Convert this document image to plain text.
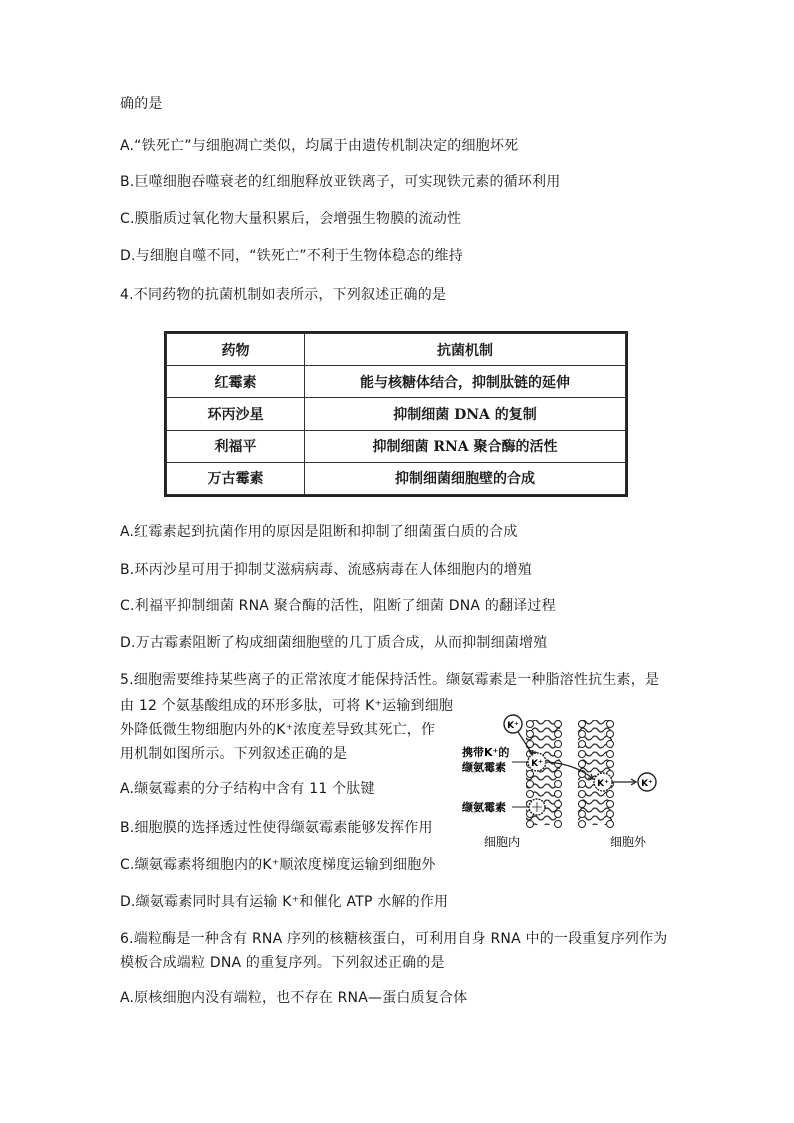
确的是
A.“铁死亡”与细胞凋亡类似，均属于由遗传机制决定的细胞坏死
B.巨噬细胞吞噬衰老的红细胞释放亚铁离子，可实现铁元素的循环利用
C.膜脂质过氧化物大量积累后，会增强生物膜的流动性
D.与细胞自噬不同，“铁死亡”不利于生物体稳态的维持
4.不同药物的抗菌机制如表所示，下列叙述正确的是
药物	抗菌机制
红霉素	能与核糖体结合，抑制肽链的延伸
环丙沙星	抑制细菌 DNA 的复制
利福平	抑制细菌 RNA 聚合酶的活性
万古霉素	抑制细菌细胞壁的合成
A.红霉素起到抗菌作用的原因是阻断和抑制了细菌蛋白质的合成
B.环丙沙星可用于抑制艾滋病病毒、流感病毒在人体细胞内的增殖
C.利福平抑制细菌 RNA 聚合酶的活性，阻断了细菌 DNA 的翻译过程
D.万古霉素阻断了构成细菌细胞壁的几丁质合成，从而抑制细菌增殖
5.细胞需要维持某些离子的正常浓度才能保持活性。缬氨霉素是一种脂溶性抗生素，是
由 12 个氨基酸组成的环形多肽，可将 K⁺运输到细胞
外降低微生物细胞内外的K⁺浓度差导致其死亡，作
用机制如图所示。下列叙述正确的是
A.缬氨霉素的分子结构中含有 11 个肽键
B.细胞膜的选择透过性使得缬氨霉素能够发挥作用
C.缬氨霉素将细胞内的K⁺顺浓度梯度运输到细胞外
D.缬氨霉素同时具有运输 K⁺和催化 ATP 水解的作用
K⁺
K⁺
K⁺	K⁺
携带K⁺的
缬氨霉素
缬氨霉素
细胞内	细胞外
6.端粒酶是一种含有 RNA 序列的核糖核蛋白，可利用自身 RNA 中的一段重复序列作为
模板合成端粒 DNA 的重复序列。下列叙述正确的是
A.原核细胞内没有端粒，也不存在 RNA—蛋白质复合体
